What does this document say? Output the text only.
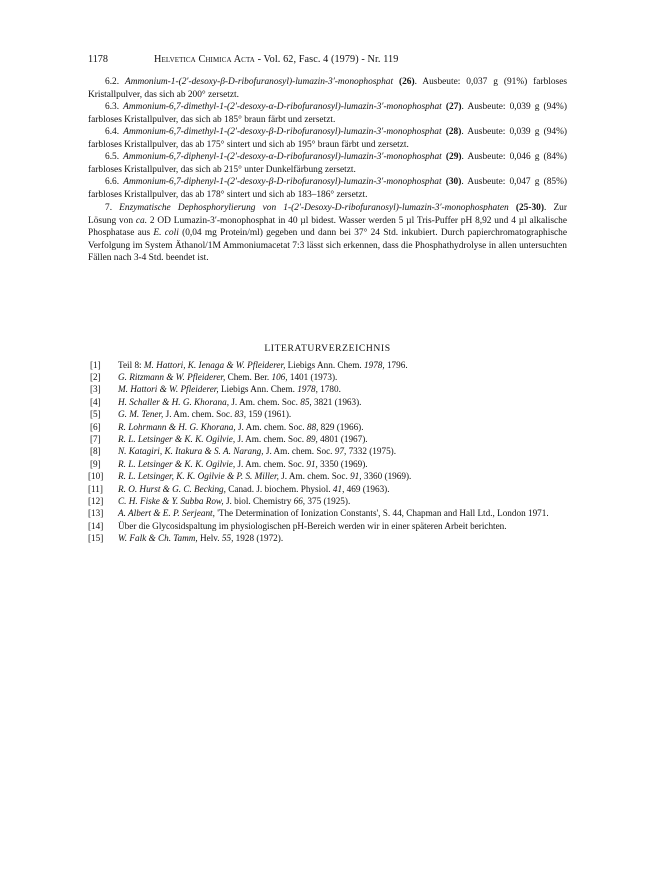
1178	Helvetica Chimica Acta - Vol. 62, Fasc. 4 (1979) - Nr. 119

6.2. Ammonium-1-(2′-desoxy-β-D-ribofuranosyl)-lumazin-3′-monophosphat (26). Ausbeute: 0,037 g (91%) farbloses Kristallpulver, das sich ab 200° zersetzt.

6.3. Ammonium-6,7-dimethyl-1-(2′-desoxy-α-D-ribofuranosyl)-lumazin-3′-monophosphat (27). Ausbeute: 0,039 g (94%) farbloses Kristallpulver, das sich ab 185° braun färbt und zersetzt.

6.4. Ammonium-6,7-dimethyl-1-(2′-desoxy-β-D-ribofuranosyl)-lumazin-3′-monophosphat (28). Ausbeute: 0,039 g (94%) farbloses Kristallpulver, das ab 175° sintert und sich ab 195° braun färbt und zersetzt.

6.5. Ammonium-6,7-diphenyl-1-(2′-desoxy-α-D-ribofuranosyl)-lumazin-3′-monophosphat (29). Ausbeute: 0,046 g (84%) farbloses Kristallpulver, das sich ab 215° unter Dunkelfärbung zersetzt.

6.6. Ammonium-6,7-diphenyl-1-(2′-desoxy-β-D-ribofuranosyl)-lumazin-3′-monophosphat (30). Ausbeute: 0,047 g (85%) farbloses Kristallpulver, das ab 178° sintert und sich ab 183–186° zersetzt.

7. Enzymatische Dephosphorylierung von 1-(2′-Desoxy-D-ribofuranosyl)-lumazin-3′-monophosphaten (25-30). Zur Lösung von ca. 2 OD Lumazin-3′-monophosphat in 40 µl bidest. Wasser werden 5 µl Tris-Puffer pH 8,92 und 4 µl alkalische Phosphatase aus E. coli (0,04 mg Protein/ml) gegeben und dann bei 37° 24 Std. inkubiert. Durch papierchromatographische Verfolgung im System Äthanol/1M Ammoniumacetat 7:3 lässt sich erkennen, dass die Phosphathydrolyse in allen untersuchten Fällen nach 3-4 Std. beendet ist.

LITERATURVERZEICHNIS
[1]	Teil 8: M. Hattori, K. Ienaga & W. Pfleiderer, Liebigs Ann. Chem. 1978, 1796.
[2]	G. Ritzmann & W. Pfleiderer, Chem. Ber. 106, 1401 (1973).
[3]	M. Hattori & W. Pfleiderer, Liebigs Ann. Chem. 1978, 1780.
[4]	H. Schaller & H. G. Khorana, J. Am. chem. Soc. 85, 3821 (1963).
[5]	G. M. Tener, J. Am. chem. Soc. 83, 159 (1961).
[6]	R. Lohrmann & H. G. Khorana, J. Am. chem. Soc. 88, 829 (1966).
[7]	R. L. Letsinger & K. K. Ogilvie, J. Am. chem. Soc. 89, 4801 (1967).
[8]	N. Katagiri, K. Itakura & S. A. Narang, J. Am. chem. Soc. 97, 7332 (1975).
[9]	R. L. Letsinger & K. K. Ogilvie, J. Am. chem. Soc. 91, 3350 (1969).
[10]	R. L. Letsinger, K. K. Ogilvie & P. S. Miller, J. Am. chem. Soc. 91, 3360 (1969).
[11]	R. O. Hurst & G. C. Becking, Canad. J. biochem. Physiol. 41, 469 (1963).
[12]	C. H. Fiske & Y. Subba Row, J. biol. Chemistry 66, 375 (1925).
[13]	A. Albert & E. P. Serjeant, 'The Determination of Ionization Constants', S. 44, Chapman and Hall Ltd., London 1971.
[14]	Über die Glycosidspaltung im physiologischen pH-Bereich werden wir in einer späteren Arbeit berichten.
[15]	W. Falk & Ch. Tamm, Helv. 55, 1928 (1972).
